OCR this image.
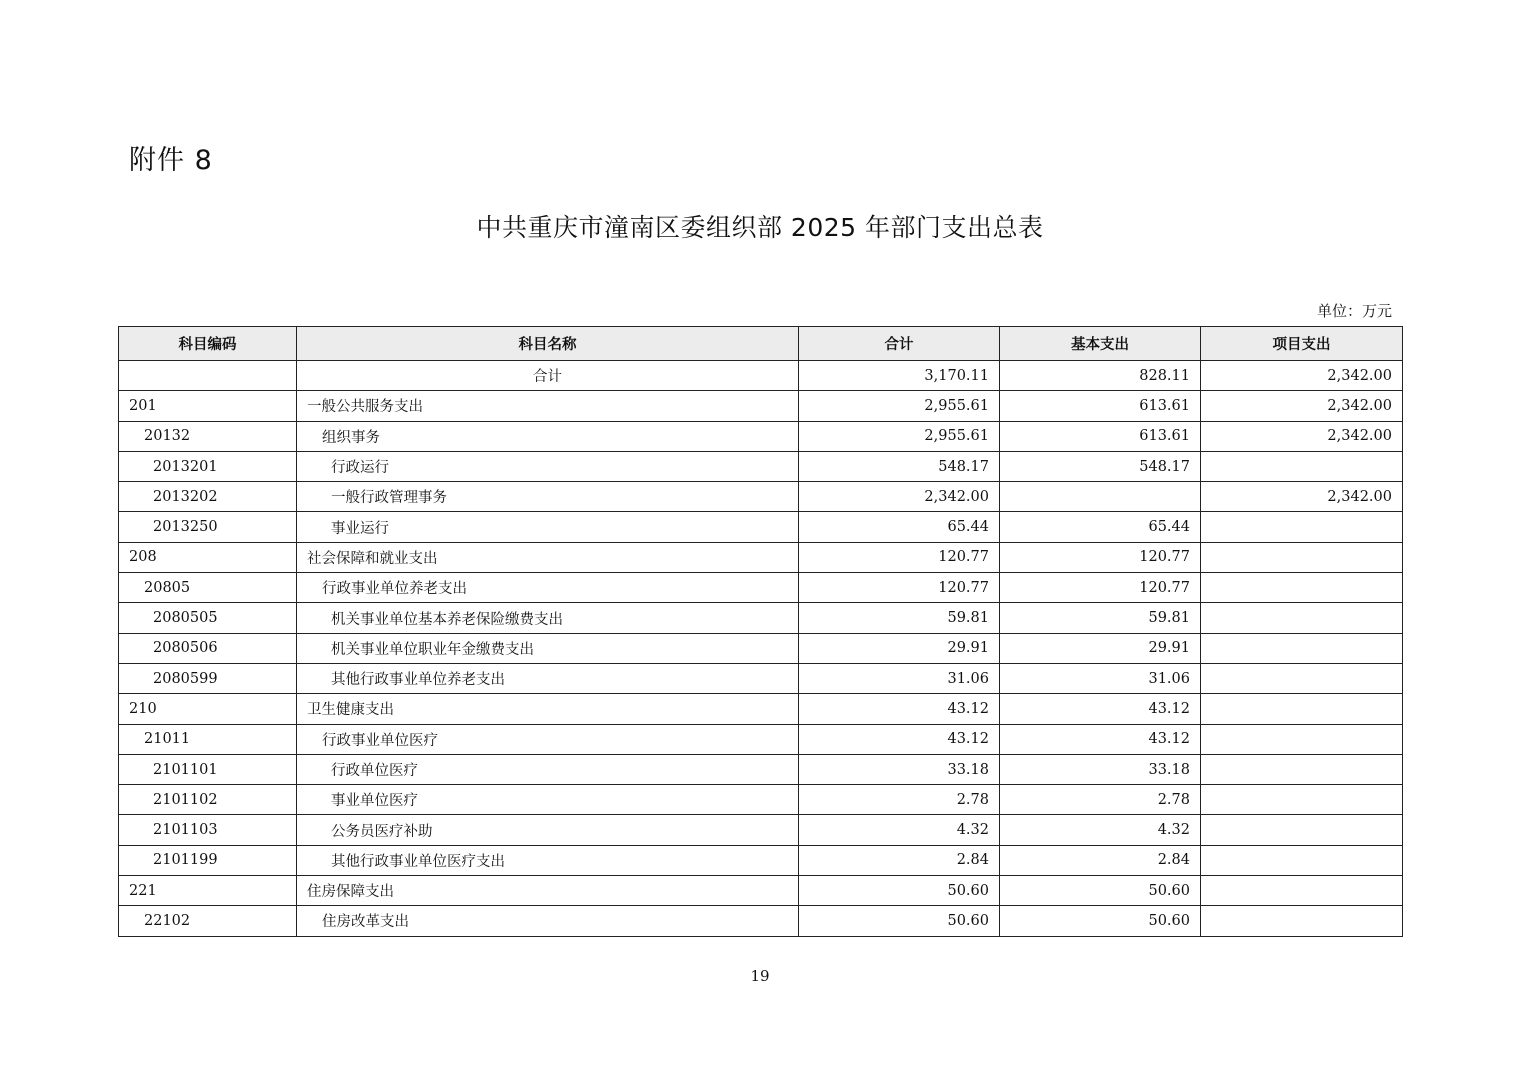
附件 8
中共重庆市潼南区委组织部 2025 年部门支出总表
单位：万元
科目编码	科目名称	合计	基本支出	项目支出
	合计	3,170.11	828.11	2,342.00
201	一般公共服务支出	2,955.61	613.61	2,342.00
20132	组织事务	2,955.61	613.61	2,342.00
2013201	行政运行	548.17	548.17	
2013202	一般行政管理事务	2,342.00		2,342.00
2013250	事业运行	65.44	65.44	
208	社会保障和就业支出	120.77	120.77	
20805	行政事业单位养老支出	120.77	120.77	
2080505	机关事业单位基本养老保险缴费支出	59.81	59.81	
2080506	机关事业单位职业年金缴费支出	29.91	29.91	
2080599	其他行政事业单位养老支出	31.06	31.06	
210	卫生健康支出	43.12	43.12	
21011	行政事业单位医疗	43.12	43.12	
2101101	行政单位医疗	33.18	33.18	
2101102	事业单位医疗	2.78	2.78	
2101103	公务员医疗补助	4.32	4.32	
2101199	其他行政事业单位医疗支出	2.84	2.84	
221	住房保障支出	50.60	50.60	
22102	住房改革支出	50.60	50.60	
19
